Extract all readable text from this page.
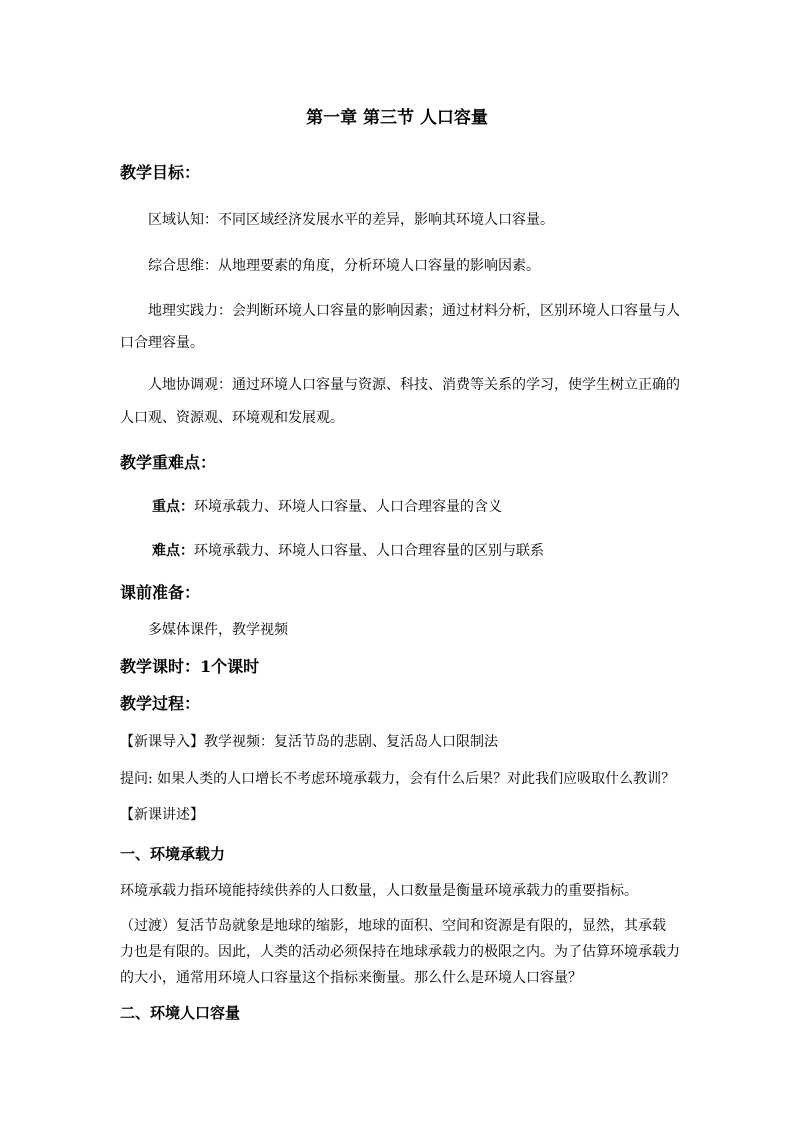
第一章 第三节 人口容量
教学目标：
区域认知：不同区域经济发展水平的差异，影响其环境人口容量。
综合思维：从地理要素的角度，分析环境人口容量的影响因素。
地理实践力：会判断环境人口容量的影响因素；通过材料分析，区别环境人口容量与人
口合理容量。
人地协调观：通过环境人口容量与资源、科技、消费等关系的学习，使学生树立正确的
人口观、资源观、环境观和发展观。
教学重难点：
重点：环境承载力、环境人口容量、人口合理容量的含义
难点：环境承载力、环境人口容量、人口合理容量的区别与联系
课前准备：
多媒体课件，教学视频
教学课时：1个课时
教学过程：
【新课导入】教学视频：复活节岛的悲剧、复活岛人口限制法
提问: 如果人类的人口增长不考虑环境承载力，会有什么后果？对此我们应吸取什么教训？
【新课讲述】
一、环境承载力
环境承载力指环境能持续供养的人口数量，人口数量是衡量环境承载力的重要指标。
（过渡）复活节岛就象是地球的缩影，地球的面积、空间和资源是有限的，显然，其承载
力也是有限的。因此，人类的活动必须保持在地球承载力的极限之内。为了估算环境承载力
的大小，通常用环境人口容量这个指标来衡量。那么什么是环境人口容量？
二、环境人口容量
